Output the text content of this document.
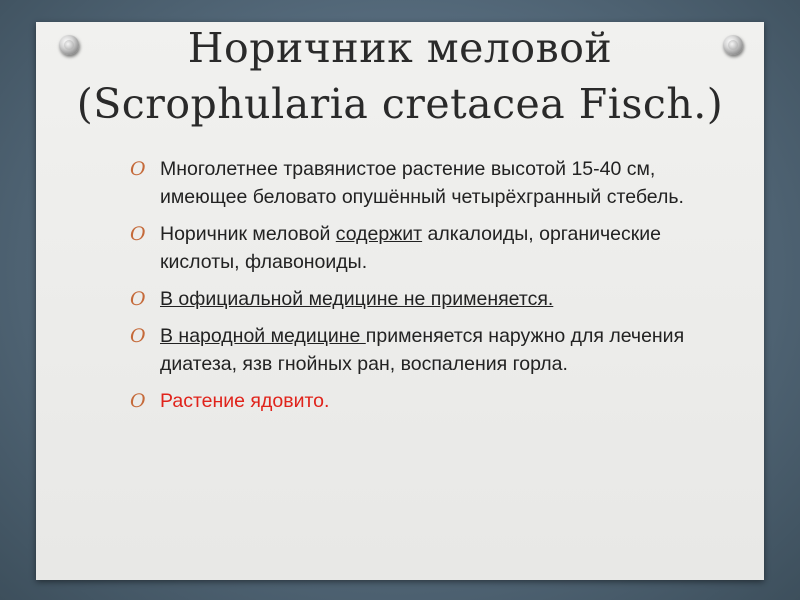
Норичник меловой
(Scrophularia cretacea Fisch.)
O Многолетнее травянистое растение высотой 15-40 см, имеющее беловато опушённый четырёхгранный стебель.
O Норичник меловой содержит алкалоиды, органические кислоты, флавоноиды.
O В официальной медицине не применяется.
O В народной медицине применяется наружно для лечения диатеза, язв гнойных ран, воспаления горла.
O Растение ядовито.
